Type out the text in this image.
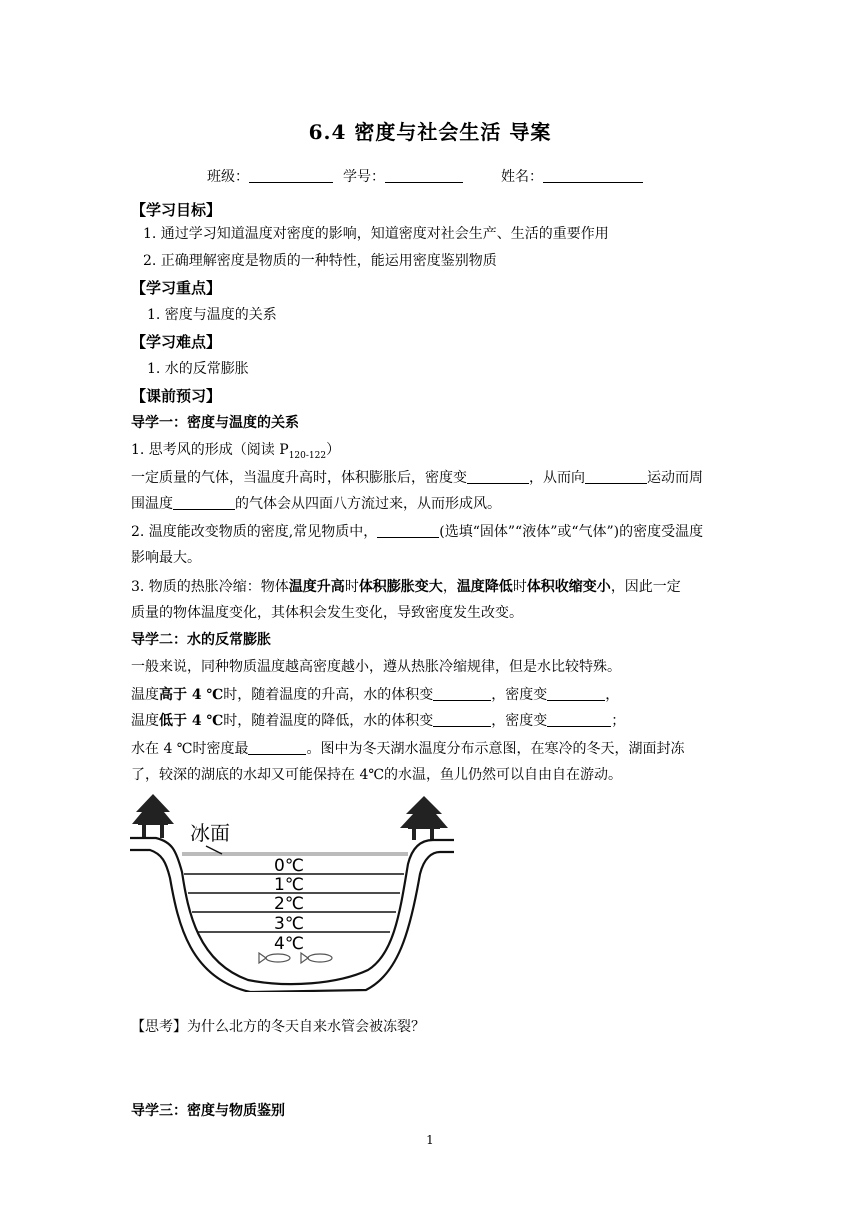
6.4 密度与社会生活 导案
班级：	学号：	姓名：
【学习目标】
1. 通过学习知道温度对密度的影响，知道密度对社会生产、生活的重要作用
2. 正确理解密度是物质的一种特性，能运用密度鉴别物质
【学习重点】
1. 密度与温度的关系
【学习难点】
1. 水的反常膨胀
【课前预习】
导学一：密度与温度的关系
1. 思考风的形成（阅读 $P_{120-122}$）
一定质量的气体，当温度升高时，体积膨胀后，密度变	，从而向	运动而周
围温度	的气体会从四面八方流过来，从而形成风。
2. 温度能改变物质的密度,常见物质中，	(选填“固体”“液体”或“气体”)的密度受温度
影响最大。
3. 物质的热胀冷缩：物体温度升高时体积膨胀变大，温度降低时体积收缩变小，因此一定
质量的物体温度变化，其体积会发生变化，导致密度发生改变。
导学二：水的反常膨胀
一般来说，同种物质温度越高密度越小，遵从热胀冷缩规律，但是水比较特殊。
温度高于 4 ℃时，随着温度的升高，水的体积变	，密度变	，
温度低于 4 ℃时，随着温度的降低，水的体积变	，密度变	；
水在 4 ℃时密度最	。图中为冬天湖水温度分布示意图，在寒冷的冬天，湖面封冻
了，较深的湖底的水却又可能保持在 4℃的水温，鱼儿仍然可以自由自在游动。
冰面
0℃
1℃
2℃
3℃
4℃
【思考】为什么北方的冬天自来水管会被冻裂？
导学三：密度与物质鉴别
1
